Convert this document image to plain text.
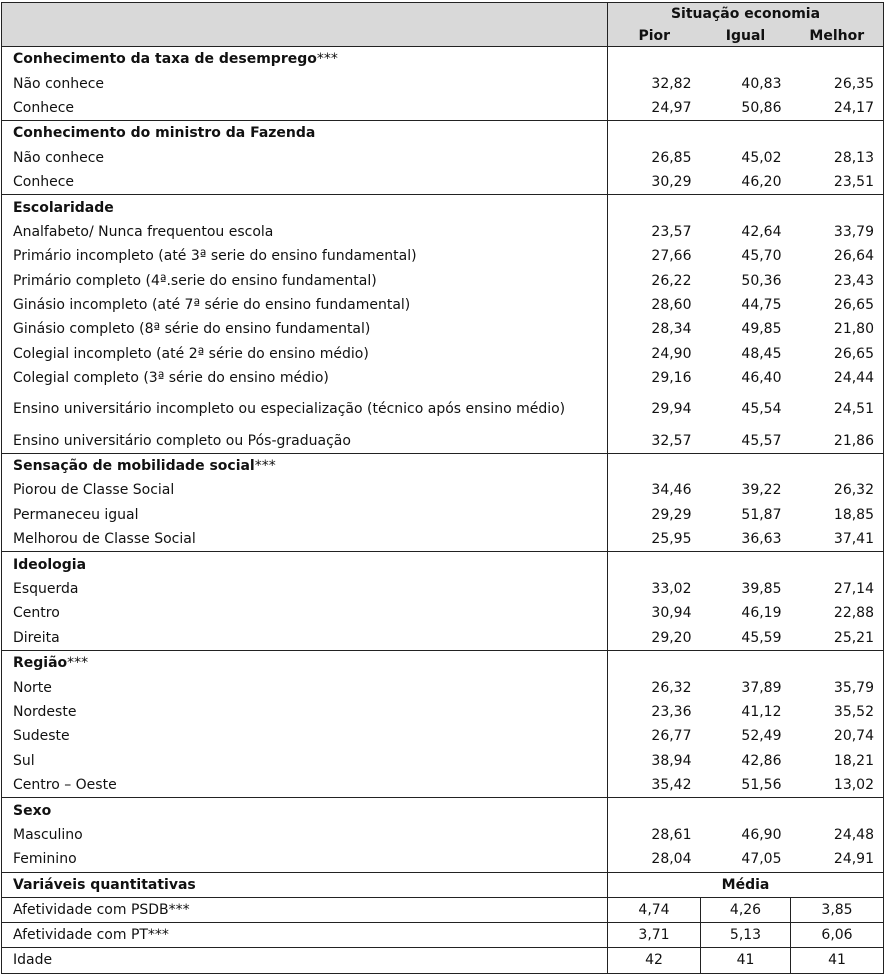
	Situação economia		
	Pior	Igual	Melhor
Conhecimento da taxa de desemprego***			
Não conhece	32,82	40,83	26,35
Conhece	24,97	50,86	24,17
Conhecimento do ministro da Fazenda			
Não conhece	26,85	45,02	28,13
Conhece	30,29	46,20	23,51
Escolaridade			
Analfabeto/ Nunca frequentou escola	23,57	42,64	33,79
Primário incompleto (até 3ª serie do ensino fundamental)	27,66	45,70	26,64
Primário completo (4ª.serie do ensino fundamental)	26,22	50,36	23,43
Ginásio incompleto (até 7ª série do ensino fundamental)	28,60	44,75	26,65
Ginásio completo (8ª série do ensino fundamental)	28,34	49,85	21,80
Colegial incompleto (até 2ª série do ensino médio)	24,90	48,45	26,65
Colegial completo (3ª série do ensino médio)	29,16	46,40	24,44
Ensino universitário incompleto ou especialização (técnico após ensino médio)	29,94	45,54	24,51
Ensino universitário completo ou Pós-graduação	32,57	45,57	21,86
Sensação de mobilidade social***			
Piorou de Classe Social	34,46	39,22	26,32
Permaneceu igual	29,29	51,87	18,85
Melhorou de Classe Social	25,95	36,63	37,41
Ideologia			
Esquerda	33,02	39,85	27,14
Centro	30,94	46,19	22,88
Direita	29,20	45,59	25,21
Região***			
Norte	26,32	37,89	35,79
Nordeste	23,36	41,12	35,52
Sudeste	26,77	52,49	20,74
Sul	38,94	42,86	18,21
Centro – Oeste	35,42	51,56	13,02
Sexo			
Masculino	28,61	46,90	24,48
Feminino	28,04	47,05	24,91
Variáveis quantitativas	Média		
Afetividade com PSDB***	4,74	4,26	3,85
Afetividade com PT***	3,71	5,13	6,06
Idade	42	41	41
